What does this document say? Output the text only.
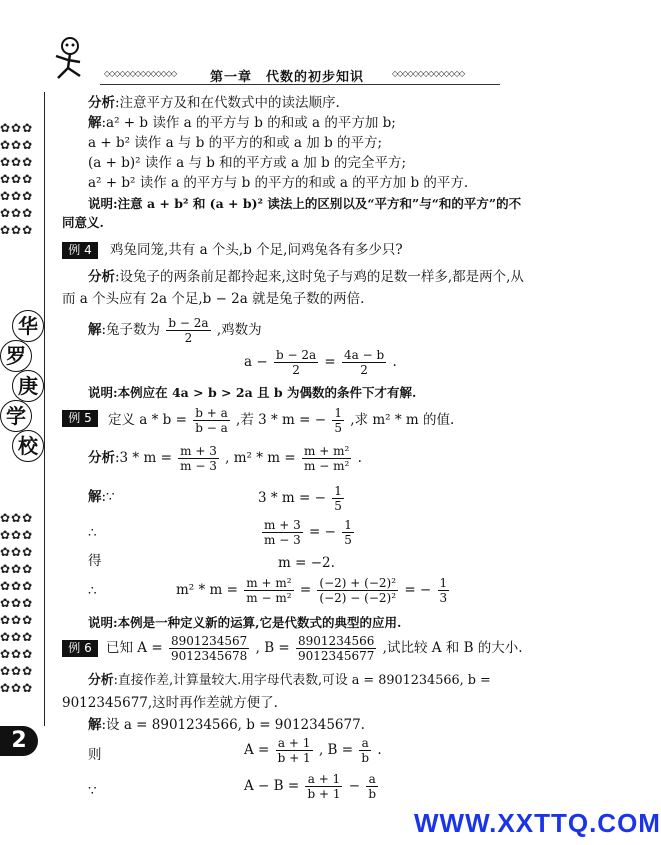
◇◇◇◇◇◇◇◇◇◇◇◇◇◇	第一章　代数的初步知识	◇◇◇◇◇◇◇◇◇◇◇◇◇◇
✿✿✿
✿✿✿
✿✿✿
✿✿✿
✿✿✿
✿✿✿
✿✿✿
华
罗
庚
学
校
✿✿✿
✿✿✿
✿✿✿
✿✿✿
✿✿✿
✿✿✿
✿✿✿
✿✿✿
✿✿✿
✿✿✿
✿✿✿
2
分析:注意平方及和在代数式中的读法顺序.
解:a² + b 读作 a 的平方与 b 的和或 a 的平方加 b;
a + b² 读作 a 与 b 的平方的和或 a 加 b 的平方;
(a + b)² 读作 a 与 b 和的平方或 a 加 b 的完全平方;
a² + b² 读作 a 的平方与 b 的平方的和或 a 的平方加 b 的平方.
说明:注意 a + b² 和 (a + b)² 读法上的区别以及“平方和”与“和的平方”的不
同意义.
例 4	鸡兔同笼,共有 a 个头,b 个足,问鸡兔各有多少只?
分析:设兔子的两条前足都拎起来,这时兔子与鸡的足数一样多,都是两个,从
而 a 个头应有 2a 个足,b − 2a 就是兔子数的两倍.
解:兔子数为 $\frac{b - 2a}{2}$ ,鸡数为
$a - \frac{b - 2a}{2} = \frac{4a - b}{2}$ .
说明:本例应在 4a > b > 2a 且 b 为偶数的条件下才有解.
例 5	定义 $a * b = \frac{b + a}{b - a}$ ,若 3 * m = − $\frac{1}{5}$ ,求 m² * m 的值.
分析:3 * $m = \frac{m + 3}{m - 3}$ , $m^2 * m = \frac{\text{m + m²}}{\text{m − m²}}$ .
解:∵	3 * m = − $\frac{1}{5}$
∴	$\frac{m + 3}{m - 3}$ = − $\frac{1}{5}$
得	m = −2.
∴	$m^2 * m = \frac{\text{m + m²}}{\text{m − m²}} = \frac{\text{(−2) + (−2)²}}{\text{(−2) − (−2)²}}$ = − $\frac{1}{3}$
说明:本例是一种定义新的运算,它是代数式的典型的应用.
例 6	已知 $A = \frac{8901234567}{9012345678}$ , $B = \frac{8901234566}{9012345677}$ ,试比较 A 和 B 的大小.
分析:直接作差,计算量较大.用字母代表数,可设 a = 8901234566, b =
9012345677,这时再作差就方便了.
解:设 a = 8901234566, b = 9012345677.
则	$A = \frac{a + 1}{b + 1}$ , $B = \frac{a}{b}$ .
∵	$A - B = \frac{a + 1}{b + 1} - \frac{a}{b}$
WWW.XXTTQ.COM
